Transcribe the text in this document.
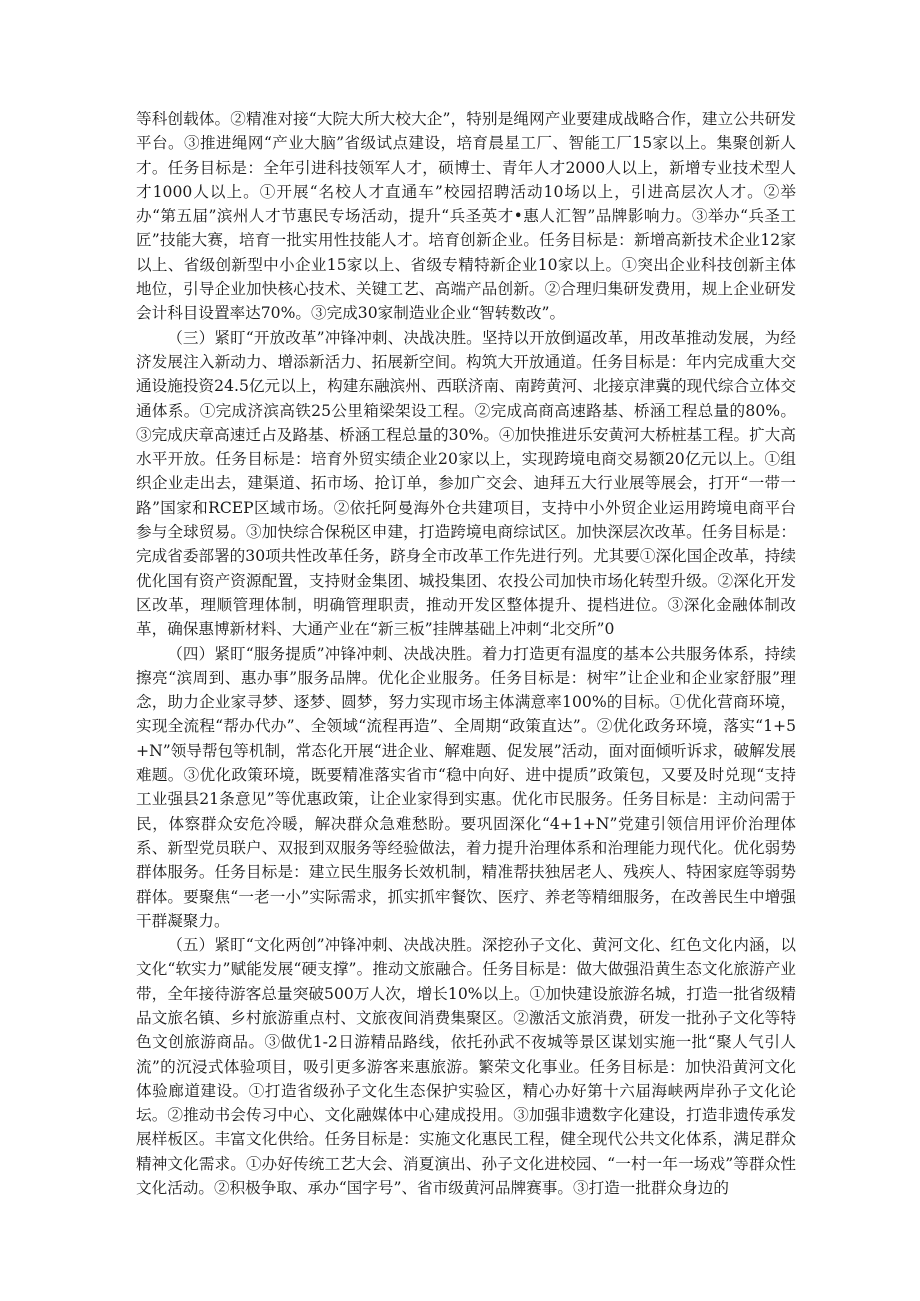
等科创载体。②精准对接“大院大所大校大企”，特别是绳网产业要建成战略合作，建立公共研发平台。③推进绳网“产业大脑”省级试点建设，培育晨星工厂、智能工厂15家以上。集聚创新人才。任务目标是：全年引进科技领军人才，硕博士、青年人才2000人以上，新增专业技术型人才1000人以上。①开展“名校人才直通车”校园招聘活动10场以上，引进高层次人才。②举办“第五届”滨州人才节惠民专场活动，提升“兵圣英才•惠人汇智”品牌影响力。③举办“兵圣工匠”技能大赛，培育一批实用性技能人才。培育创新企业。任务目标是：新增高新技术企业12家以上、省级创新型中小企业15家以上、省级专精特新企业10家以上。①突出企业科技创新主体地位，引导企业加快核心技术、关键工艺、高端产品创新。②合理归集研发费用，规上企业研发会计科目设置率达70%。③完成30家制造业企业“智转数改”。

（三）紧盯“开放改革”冲锋冲刺、决战决胜。坚持以开放倒逼改革，用改革推动发展，为经济发展注入新动力、增添新活力、拓展新空间。构筑大开放通道。任务目标是：年内完成重大交通设施投资24.5亿元以上，构建东融滨州、西联济南、南跨黄河、北接京津冀的现代综合立体交通体系。①完成济滨高铁25公里箱梁架设工程。②完成高商高速路基、桥涵工程总量的80%。③完成庆章高速迁占及路基、桥涵工程总量的30%。④加快推进乐安黄河大桥桩基工程。扩大高水平开放。任务目标是：培育外贸实绩企业20家以上，实现跨境电商交易额20亿元以上。①组织企业走出去，建渠道、拓市场、抢订单，参加广交会、迪拜五大行业展等展会，打开“一带一路”国家和RCEP区域市场。②依托阿曼海外仓共建项目，支持中小外贸企业运用跨境电商平台参与全球贸易。③加快综合保税区申建，打造跨境电商综试区。加快深层次改革。任务目标是：完成省委部署的30项共性改革任务，跻身全市改革工作先进行列。尤其要①深化国企改革，持续优化国有资产资源配置，支持财金集团、城投集团、农投公司加快市场化转型升级。②深化开发区改革，理顺管理体制，明确管理职责，推动开发区整体提升、提档进位。③深化金融体制改革，确保惠博新材料、大通产业在“新三板”挂牌基础上冲刺“北交所”0

（四）紧盯“服务提质”冲锋冲刺、决战决胜。着力打造更有温度的基本公共服务体系，持续擦亮“滨周到、惠办事”服务品牌。优化企业服务。任务目标是：树牢”让企业和企业家舒服”理念，助力企业家寻梦、逐梦、圆梦，努力实现市场主体满意率100%的目标。①优化营商环境，实现全流程“帮办代办”、全领域“流程再造”、全周期“政策直达”。②优化政务环境，落实“1+5+N”领导帮包等机制，常态化开展“进企业、解难题、促发展”活动，面对面倾听诉求，破解发展难题。③优化政策环境，既要精准落实省市“稳中向好、进中提质”政策包，又要及时兑现“支持工业强县21条意见”等优惠政策，让企业家得到实惠。优化市民服务。任务目标是：主动问需于民，体察群众安危冷暖，解决群众急难愁盼。要巩固深化“4+1+N”党建引领信用评价治理体系、新型党员联户、双报到双服务等经验做法，着力提升治理体系和治理能力现代化。优化弱势群体服务。任务目标是：建立民生服务长效机制，精准帮扶独居老人、残疾人、特困家庭等弱势群体。要聚焦“一老一小”实际需求，抓实抓牢餐饮、医疗、养老等精细服务，在改善民生中增强干群凝聚力。

（五）紧盯“文化两创”冲锋冲刺、决战决胜。深挖孙子文化、黄河文化、红色文化内涵，以文化“软实力”赋能发展“硬支撑”。推动文旅融合。任务目标是：做大做强沿黄生态文化旅游产业带，全年接待游客总量突破500万人次，增长10%以上。①加快建设旅游名城，打造一批省级精品文旅名镇、乡村旅游重点村、文旅夜间消费集聚区。②激活文旅消费，研发一批孙子文化等特色文创旅游商品。③做优1-2日游精品路线，依托孙武不夜城等景区谋划实施一批“聚人气引人流”的沉浸式体验项目，吸引更多游客来惠旅游。繁荣文化事业。任务目标是：加快沿黄河文化体验廊道建设。①打造省级孙子文化生态保护实验区，精心办好第十六届海峡两岸孙子文化论坛。②推动书会传习中心、文化融媒体中心建成投用。③加强非遗数字化建设，打造非遗传承发展样板区。丰富文化供给。任务目标是：实施文化惠民工程，健全现代公共文化体系，满足群众精神文化需求。①办好传统工艺大会、消夏演出、孙子文化进校园、“一村一年一场戏”等群众性文化活动。②积极争取、承办“国字号”、省市级黄河品牌赛事。③打造一批群众身边的
